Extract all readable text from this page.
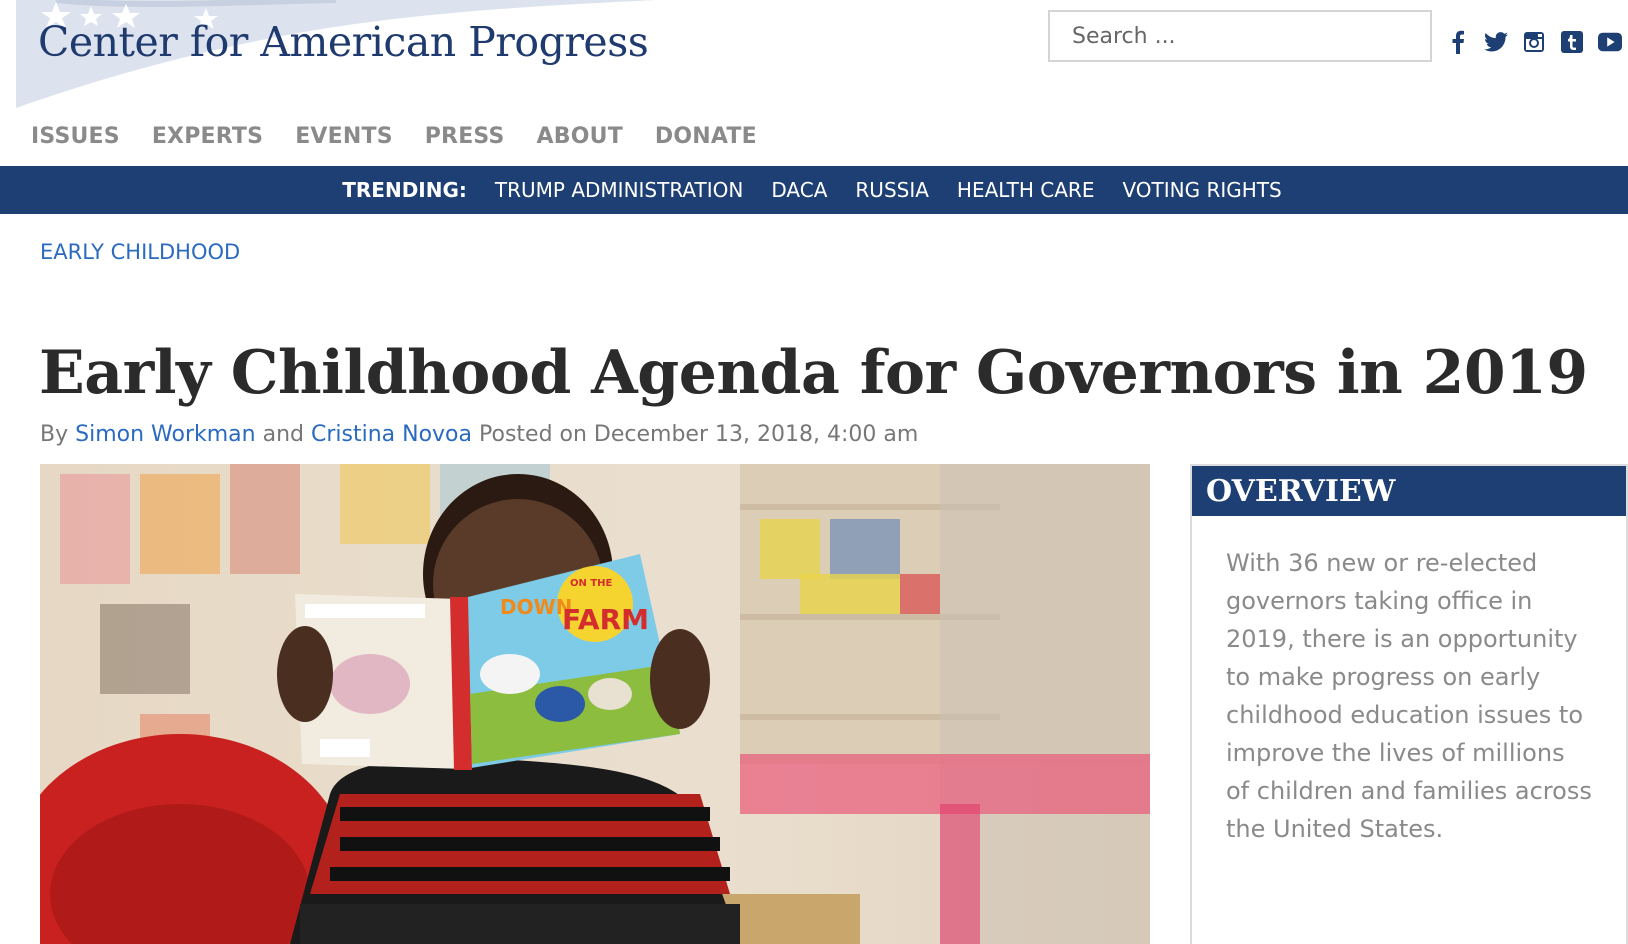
Center for American Progress
Search ...
ISSUES EXPERTS EVENTS PRESS ABOUT DONATE
TRENDING: TRUMP ADMINISTRATION DACA RUSSIA HEALTH CARE VOTING RIGHTS
EARLY CHILDHOOD
Early Childhood Agenda for Governors in 2019
By Simon Workman and Cristina Novoa Posted on December 13, 2018, 4:00 am
DOWN
ON THE
FARM
OVERVIEW

With 36 new or re-elected governors taking office in 2019, there is an opportunity to make progress on early childhood education issues to improve the lives of millions of children and families across the United States.
